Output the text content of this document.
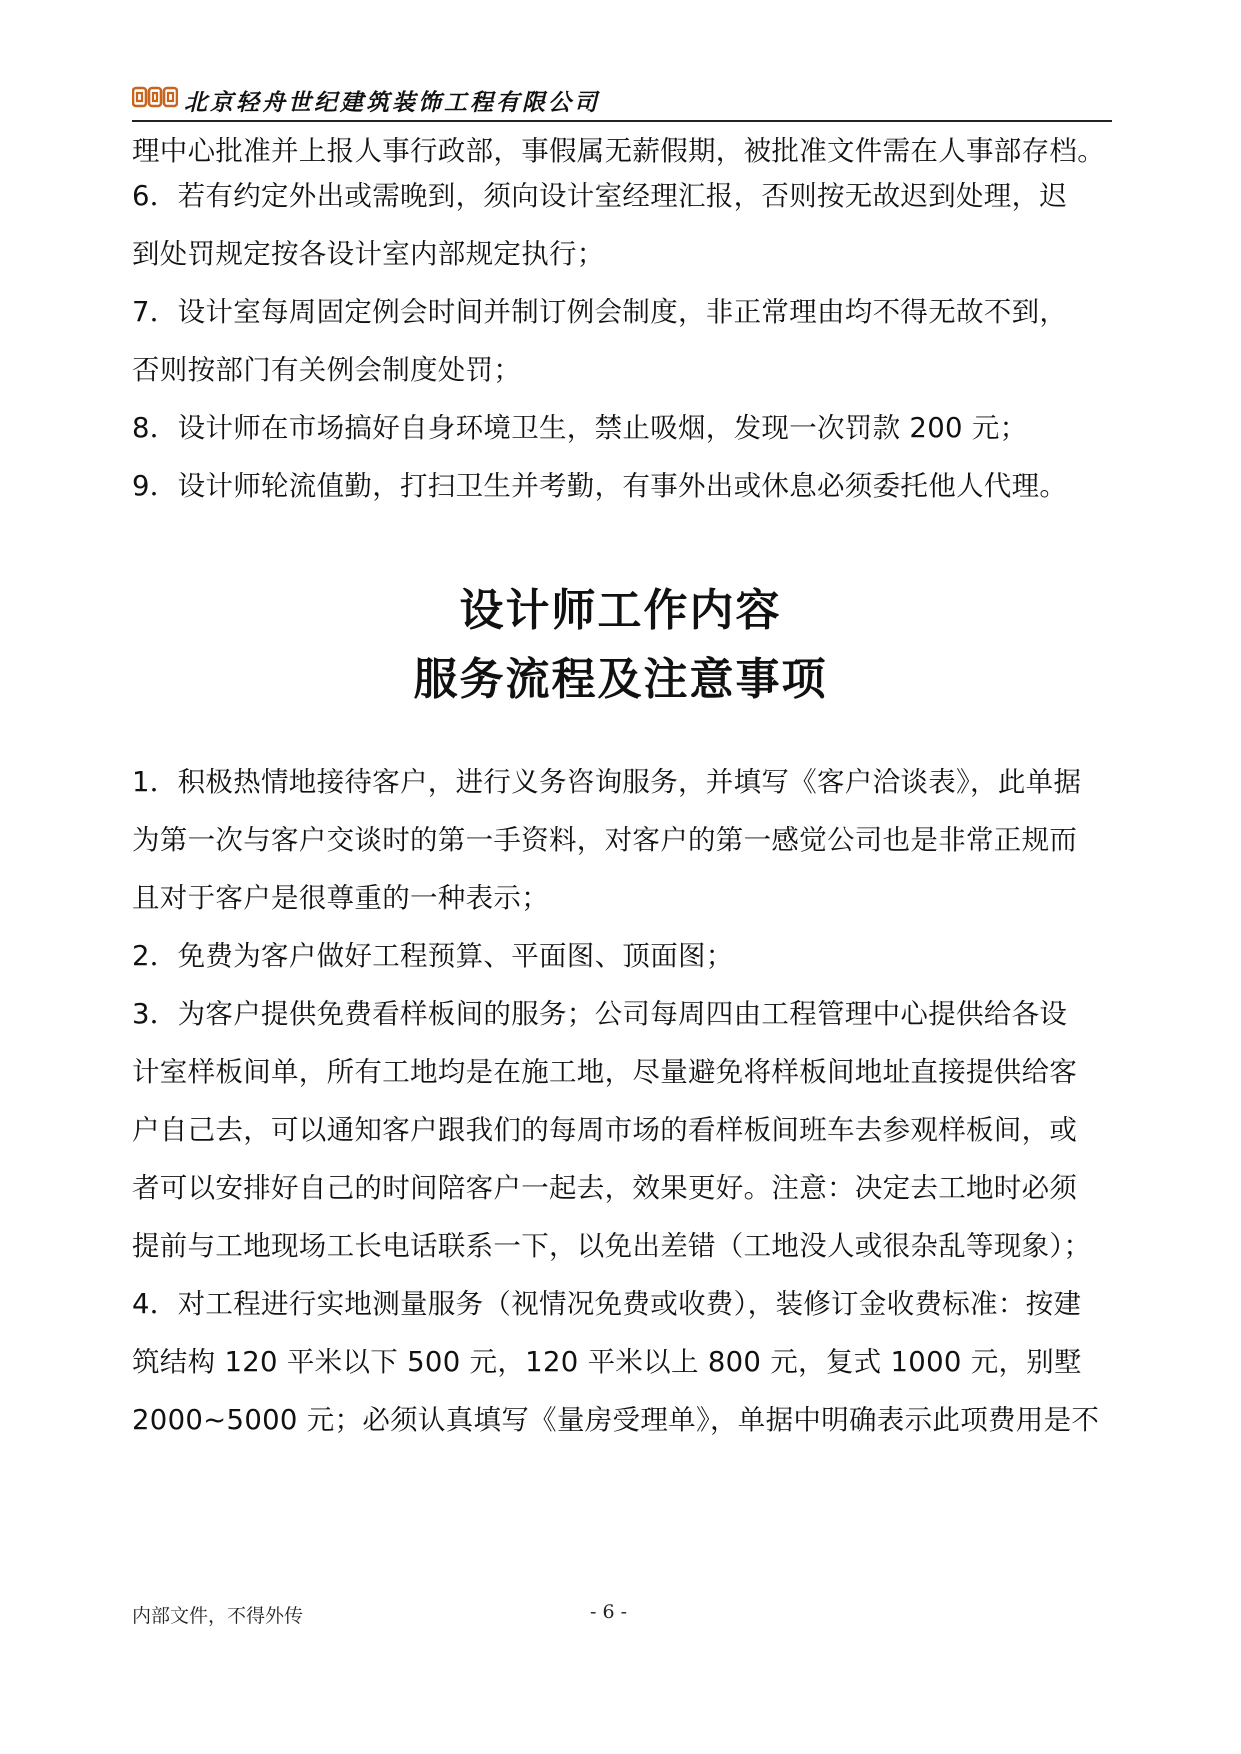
北京轻舟世纪建筑装饰工程有限公司
理中心批准并上报人事行政部，事假属无薪假期，被批准文件需在人事部存档。
6．若有约定外出或需晚到，须向设计室经理汇报，否则按无故迟到处理，迟
到处罚规定按各设计室内部规定执行；
7．设计室每周固定例会时间并制订例会制度，非正常理由均不得无故不到，
否则按部门有关例会制度处罚；
8．设计师在市场搞好自身环境卫生，禁止吸烟，发现一次罚款 200 元；
9．设计师轮流值勤，打扫卫生并考勤，有事外出或休息必须委托他人代理。
设计师工作内容
服务流程及注意事项
1．积极热情地接待客户，进行义务咨询服务，并填写《客户洽谈表》，此单据
为第一次与客户交谈时的第一手资料，对客户的第一感觉公司也是非常正规而
且对于客户是很尊重的一种表示；
2．免费为客户做好工程预算、平面图、顶面图；
3．为客户提供免费看样板间的服务；公司每周四由工程管理中心提供给各设
计室样板间单，所有工地均是在施工地，尽量避免将样板间地址直接提供给客
户自己去，可以通知客户跟我们的每周市场的看样板间班车去参观样板间，或
者可以安排好自己的时间陪客户一起去，效果更好。注意：决定去工地时必须
提前与工地现场工长电话联系一下，以免出差错（工地没人或很杂乱等现象）；
4．对工程进行实地测量服务（视情况免费或收费），装修订金收费标准：按建
筑结构 120 平米以下 500 元，120 平米以上 800 元，复式 1000 元，别墅
2000~5000 元；必须认真填写《量房受理单》，单据中明确表示此项费用是不
内部文件，不得外传	- 6 -
